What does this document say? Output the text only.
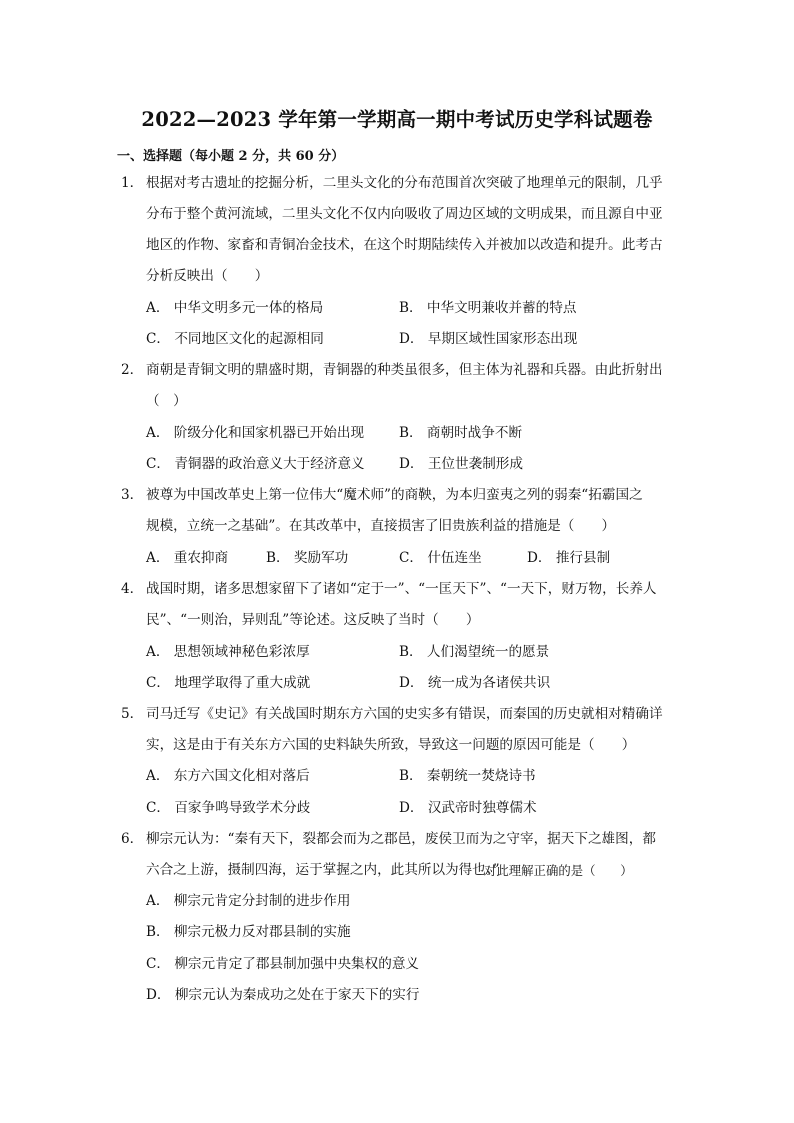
2022—2023 学年第一学期高一期中考试历史学科试题卷
一、选择题（每小题 2 分，共 60 分）
1． 根据对考古遗址的挖掘分析，二里头文化的分布范围首次突破了地理单元的限制，几乎
分布于整个黄河流域，二里头文化不仅内向吸收了周边区域的文明成果，而且源自中亚
地区的作物、家畜和青铜冶金技术，在这个时期陆续传入并被加以改造和提升。此考古
分析反映出（　　）
A． 中华文明多元一体的格局	B． 中华文明兼收并蓄的特点
C． 不同地区文化的起源相同	D． 早期区域性国家形态出现
2． 商朝是青铜文明的鼎盛时期，青铜器的种类虽很多，但主体为礼器和兵器。由此折射出
（　）
A． 阶级分化和国家机器已开始出现	B． 商朝时战争不断
C． 青铜器的政治意义大于经济意义	D． 王位世袭制形成
3． 被尊为中国改革史上第一位伟大“魔术师”的商鞅，为本归蛮夷之列的弱秦“拓霸国之
规模，立统一之基础”。在其改革中，直接损害了旧贵族利益的措施是（　　）
A． 重农抑商	B． 奖励军功	C． 什伍连坐	D． 推行县制
4． 战国时期，诸多思想家留下了诸如“定于一”、“一匡天下”、“一天下，财万物，长养人
民”、“一则治，异则乱”等论述。这反映了当时（　　）
A． 思想领域神秘色彩浓厚	B． 人们渴望统一的愿景
C． 地理学取得了重大成就	D． 统一成为各诸侯共识
5． 司马迁写《史记》有关战国时期东方六国的史实多有错误，而秦国的历史就相对精确详
实，这是由于有关东方六国的史料缺失所致，导致这一问题的原因可能是（　　）
A． 东方六国文化相对落后	B． 秦朝统一焚烧诗书
C． 百家争鸣导致学术分歧	D． 汉武帝时独尊儒术
6． 柳宗元认为：“秦有天下，裂都会而为之郡邑，废侯卫而为之守宰，据天下之雄图，都
六合之上游，摄制四海，运于掌握之内，此其所以为得也。”
对此理解正确的是（　　）
A． 柳宗元肯定分封制的进步作用
B． 柳宗元极力反对郡县制的实施
C． 柳宗元肯定了郡县制加强中央集权的意义
D． 柳宗元认为秦成功之处在于家天下的实行
